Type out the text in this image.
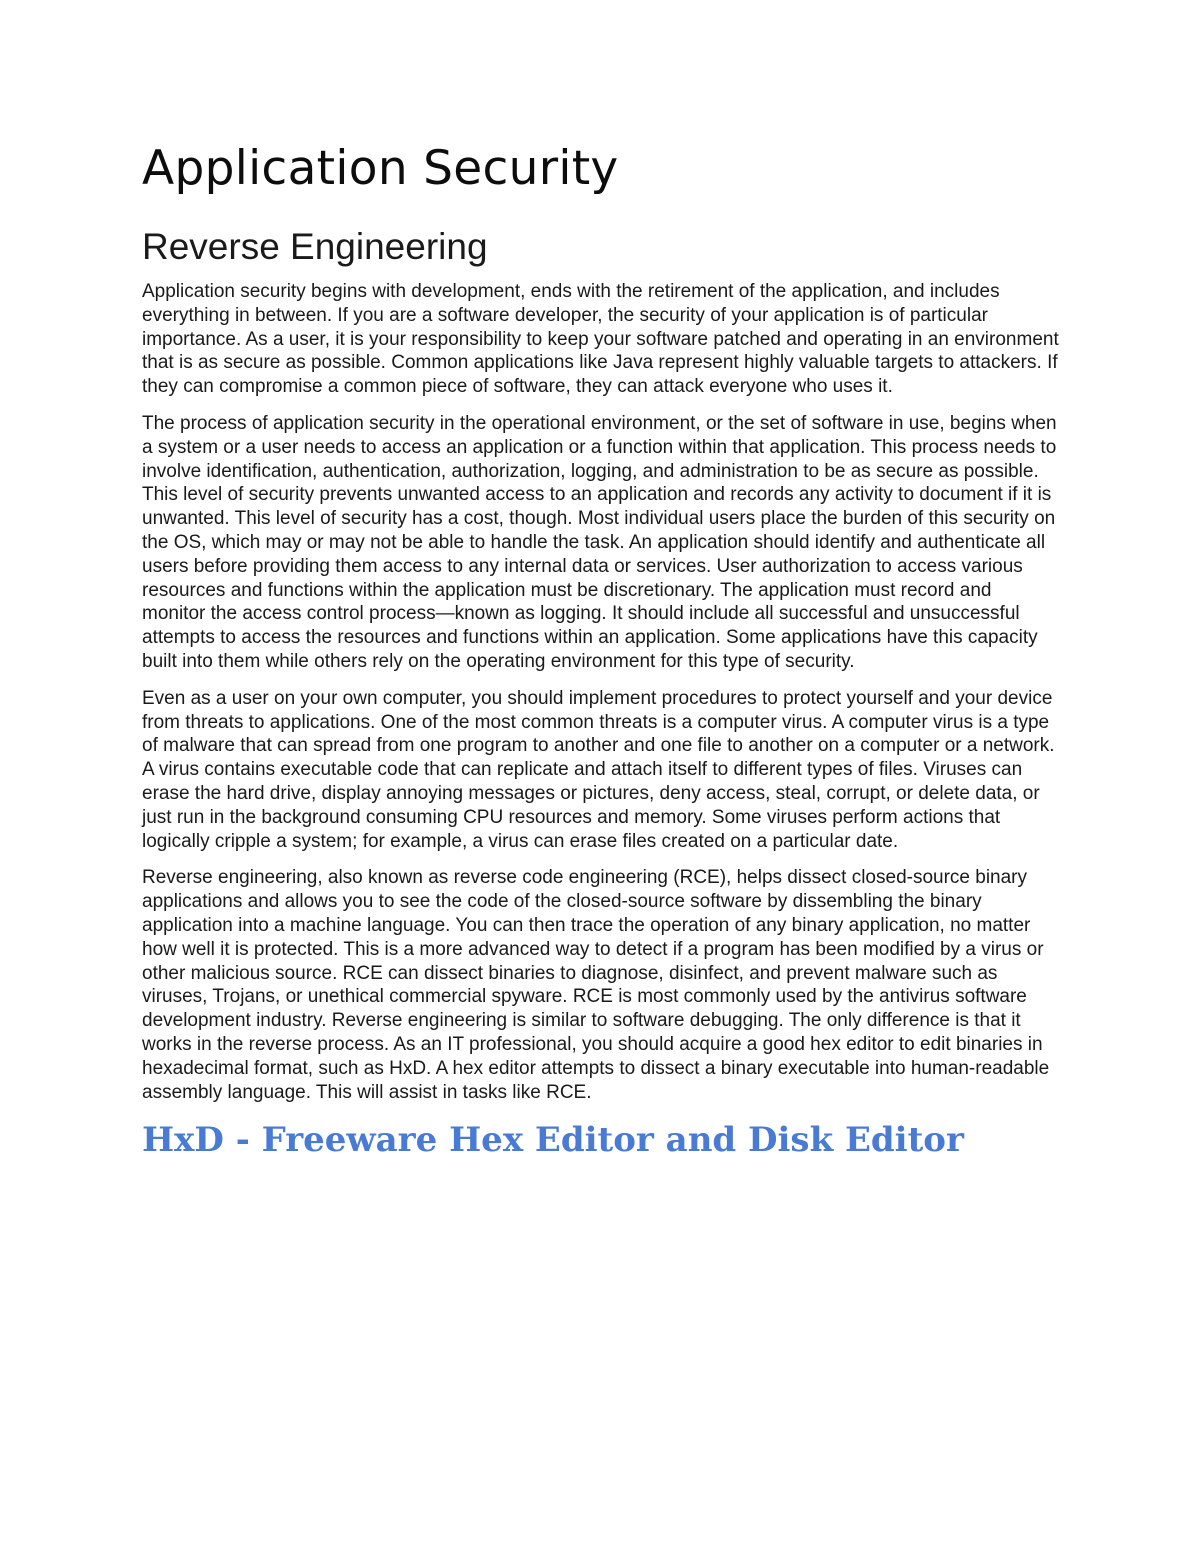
Application Security
Reverse Engineering

Application security begins with development, ends with the retirement of the application, and includes everything in between. If you are a software developer, the security of your application is of particular importance. As a user, it is your responsibility to keep your software patched and operating in an environment that is as secure as possible. Common applications like Java represent highly valuable targets to attackers. If they can compromise a common piece of software, they can attack everyone who uses it.

The process of application security in the operational environment, or the set of software in use, begins when a system or a user needs to access an application or a function within that application. This process needs to involve identification, authentication, authorization, logging, and administration to be as secure as possible. This level of security prevents unwanted access to an application and records any activity to document if it is unwanted. This level of security has a cost, though. Most individual users place the burden of this security on the OS, which may or may not be able to handle the task. An application should identify and authenticate all users before providing them access to any internal data or services. User authorization to access various resources and functions within the application must be discretionary. The application must record and monitor the access control process—known as logging. It should include all successful and unsuccessful attempts to access the resources and functions within an application. Some applications have this capacity built into them while others rely on the operating environment for this type of security.

Even as a user on your own computer, you should implement procedures to protect yourself and your device from threats to applications. One of the most common threats is a computer virus. A computer virus is a type of malware that can spread from one program to another and one file to another on a computer or a network. A virus contains executable code that can replicate and attach itself to different types of files. Viruses can erase the hard drive, display annoying messages or pictures, deny access, steal, corrupt, or delete data, or just run in the background consuming CPU resources and memory. Some viruses perform actions that logically cripple a system; for example, a virus can erase files created on a particular date.

Reverse engineering, also known as reverse code engineering (RCE), helps dissect closed-source binary applications and allows you to see the code of the closed-source software by dissembling the binary application into a machine language. You can then trace the operation of any binary application, no matter how well it is protected. This is a more advanced way to detect if a program has been modified by a virus or other malicious source. RCE can dissect binaries to diagnose, disinfect, and prevent malware such as viruses, Trojans, or unethical commercial spyware. RCE is most commonly used by the antivirus software development industry. Reverse engineering is similar to software debugging. The only difference is that it works in the reverse process. As an IT professional, you should acquire a good hex editor to edit binaries in hexadecimal format, such as HxD. A hex editor attempts to dissect a binary executable into human-readable assembly language. This will assist in tasks like RCE.

HxD - Freeware Hex Editor and Disk Editor
